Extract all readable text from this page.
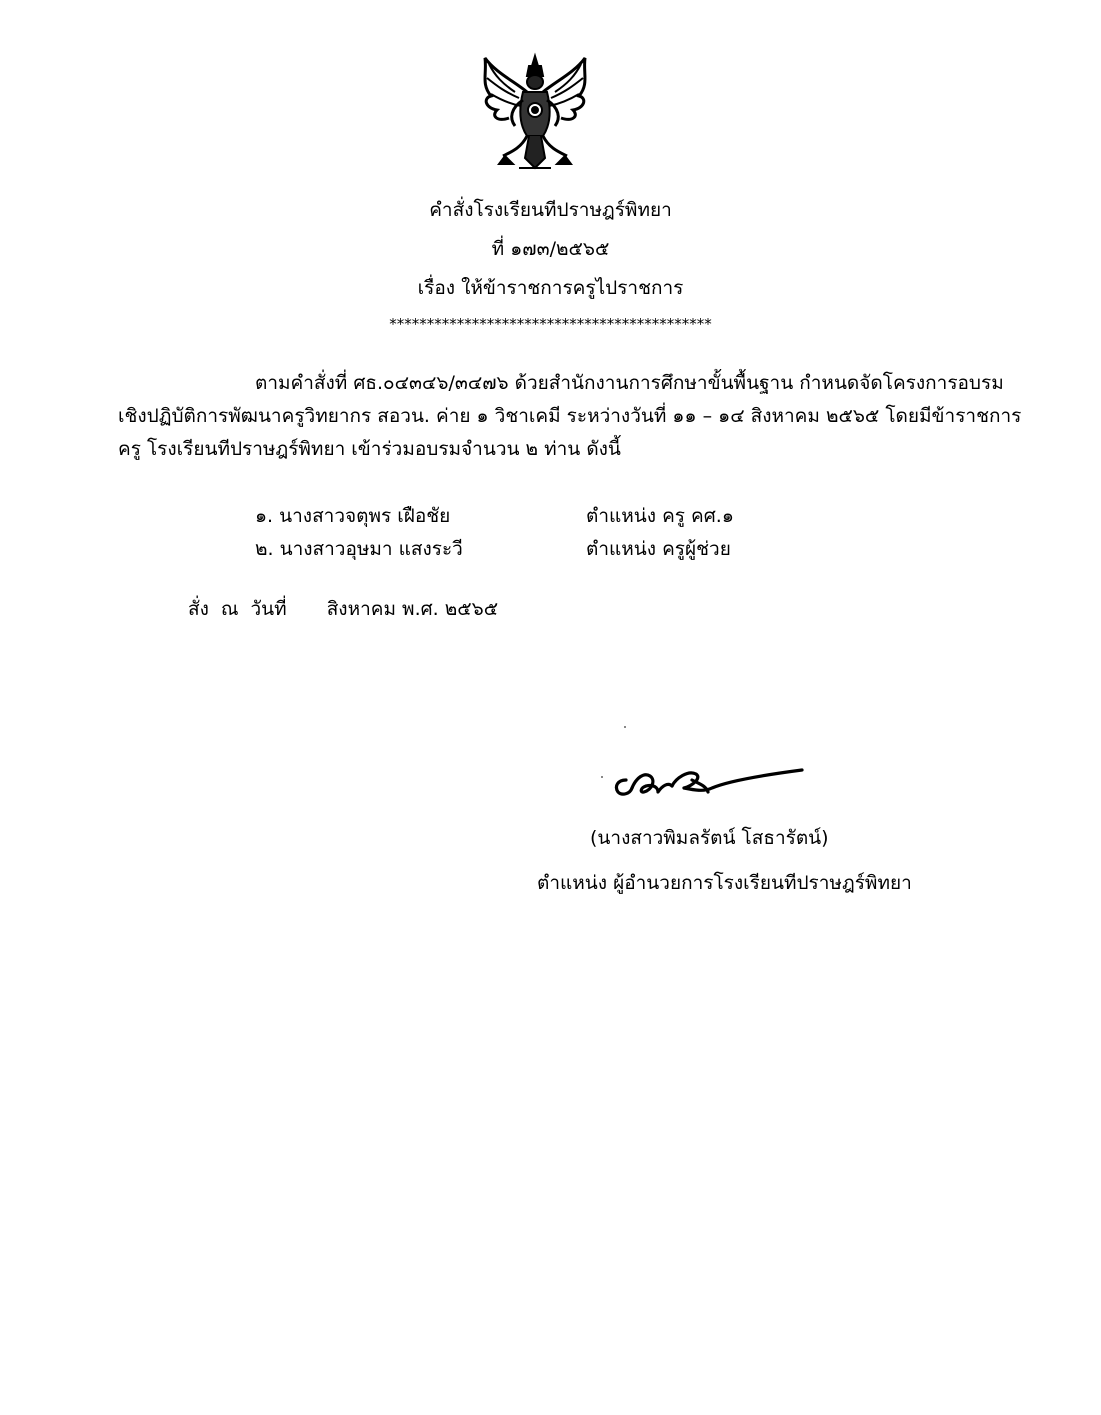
คำสั่งโรงเรียนทีปราษฎร์พิทยา
ที่ ๑๗๓/๒๕๖๕
เรื่อง ให้ข้าราชการครูไปราชการ
*******************************************
ตามคำสั่งที่ ศธ.๐๔๓๔๖/๓๔๗๖ ด้วยสำนักงานการศึกษาขั้นพื้นฐาน กำหนดจัดโครงการอบรม
เชิงปฏิบัติการพัฒนาครูวิทยากร สอวน. ค่าย ๑ วิชาเคมี ระหว่างวันที่ ๑๑ – ๑๔ สิงหาคม ๒๕๖๕ โดยมีข้าราชการ
ครู โรงเรียนทีปราษฎร์พิทยา เข้าร่วมอบรมจำนวน ๒ ท่าน ดังนี้
๑. นางสาวจตุพร เฝือชัย	ตำแหน่ง ครู คศ.๑
๒. นางสาวอุษมา แสงระวี	ตำแหน่ง ครูผู้ช่วย
สั่ง ณ วันที่ สิงหาคม พ.ศ. ๒๕๖๕
(นางสาวพิมลรัตน์ โสธารัตน์)
ตำแหน่ง ผู้อำนวยการโรงเรียนทีปราษฎร์พิทยา
